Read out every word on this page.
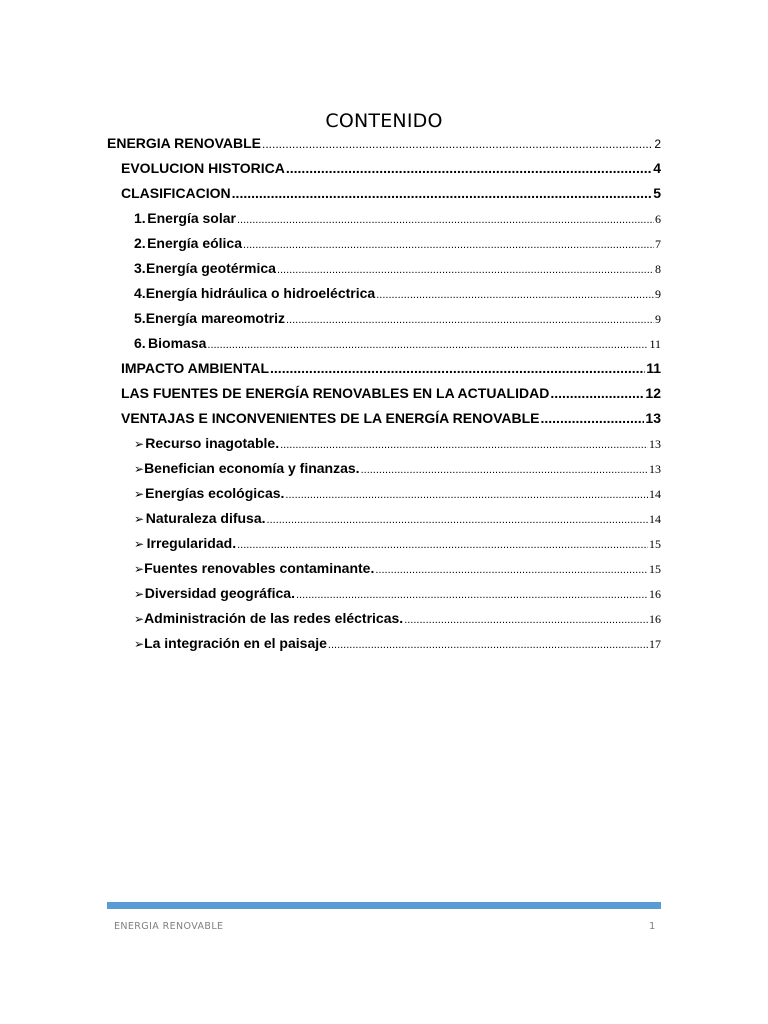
CONTENIDO
ENERGIA RENOVABLE .....	2
EVOLUCION HISTORICA .....	4
CLASIFICACION .....	5
1. Energía solar .....	6
2. Energía eólica .....	7
3. Energía geotérmica .....	8
4. Energía hidráulica o hidroeléctrica .....	9
5. Energía mareomotriz .....	9
6. Biomasa .....	11
IMPACTO AMBIENTAL .....	11
LAS FUENTES DE ENERGÍA RENOVABLES EN LA ACTUALIDAD .....	12
VENTAJAS E INCONVENIENTES DE LA ENERGÍA RENOVABLE .....	13
➢ Recurso inagotable. .....	13
➢ Benefician economía y finanzas. .....	13
➢ Energías ecológicas. .....	14
➢ Naturaleza difusa. .....	14
➢ Irregularidad. .....	15
➢ Fuentes renovables contaminante. .....	15
➢ Diversidad geográfica. .....	16
➢ Administración de las redes eléctricas. .....	16
➢ La integración en el paisaje .....	17
ENERGIA RENOVABLE	1
